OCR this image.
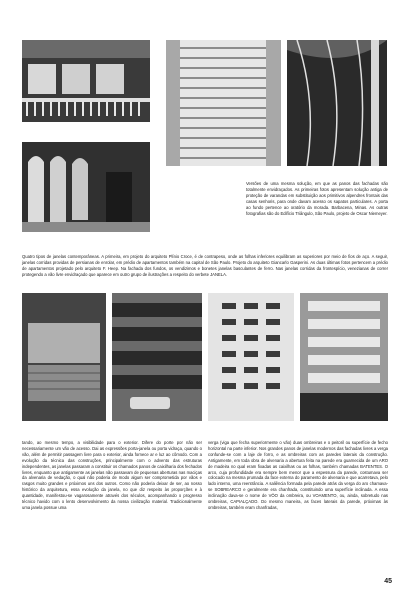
Versões de uma mesma solução, em que as panos das fachadas são totalmente envidraçados. As primeiras fotos apresentam solução antiga de proteção de varandas em substituição aos primitivos alpendres frontais das casas senhoris, para onde davam acesso os sapatos particulares. A porta ao fundo pertence ao oratório da morada. Barbacena, Minas. As outras fotografias são do Edifício Triângulo, São Paulo, projeto de Oscar Niemeyer.
Quatro tipos de janelas contemporâneas. A primeira, em projeto do arquiteto Plínio Croce, é de contrapeso, onde as folhas inferiores equilibram as superiores por meio de fios de aço. A seguir, janelas corridas providas de persianas de enrolar, em prédio de apartamentos também na capital de São Paulo. Projeto do arquiteto Giancarlo Gasperini. As duas últimas fotos pertencem a prédio de apartamentos projetado pelo arquiteto F. Heep. Na fachada dos fundos, os vendizimos e bonetes janelas basculantes de ferro. Nas janelas corridas da frontespício, venezianas de correr protegendo a vão livre envidraçado que aparece em outro grupo de ilustrações a respeito do verbete JANELA.
tando, ao mesmo tempo, a visibilidade para o exterior. Difere do porte por não ser necessariamente um vão de acesso. Dai as expressões porta-janela ou porta vidraça, quando o vão, além de permitir passagem livre para o exterior, ainda fornece ar e luz ao cômodo. Com a evolução da técnica das construções, principalmente com o advento das estruturas independentes, as janelas passaram a constituir os chamados panos de caixilharia dos fechados livres, enquanto que antigamente as janelas não passavam de pequenas aberturas nas maciças da alvenaria de vedação, o qual não poderia de modo algum ser comprometida por vãos e rasgos muito grandes e próximos uns dos outros. Como não poderia deixar de ser, ao nosso histórico da arquitetura, essa evolução da janela, no que diz respeito às proporções e à quantidade, manifestou-se vagarosamente através dos séculos, acompanhando o progresso técnico havido com o lento desenvolvimento da nossa civilização material. Tradicionalmente uma janela possue uma
verga (viga que fecha superiormente o vão) duas ombreiras e o peitoril ou superfície de fecho horizontal na parte inferior. Nos grandes panos de janelas modernos das fachadas livres a verga confunde-se com a laje de forro, e as ombreiras com as paredes laterais da construção. Antigamente, em toda obra de alvenaria a abertura feita na parede era guarnecida de um ARO de madeira no qual eram fixadas as caixilhas ou as folhas, também chamadas BATENTES. O arco, cuja profundidade era sempre bem menor que a espessura da parede, costumava ser colocado na mesma prumada da face externa do paramento de alvenaria e que acarretava, pelo lado interno, uma reentrância. A saliência formada pela parede atrás da verga do aro chamava-se SOBREARCO e geralmente era chanfrada, constituindo uma superfície inclinada. A essa inclinação dava-se o nome de VÔO da ombreira, ou VOAMENTO, ou, ainda, sobretudo nas ombreiras, CAPIALÇADO. Do mesmo maneira, as faces laterais da parede, próximas às ombreiras, também eram chanfradas,
45
